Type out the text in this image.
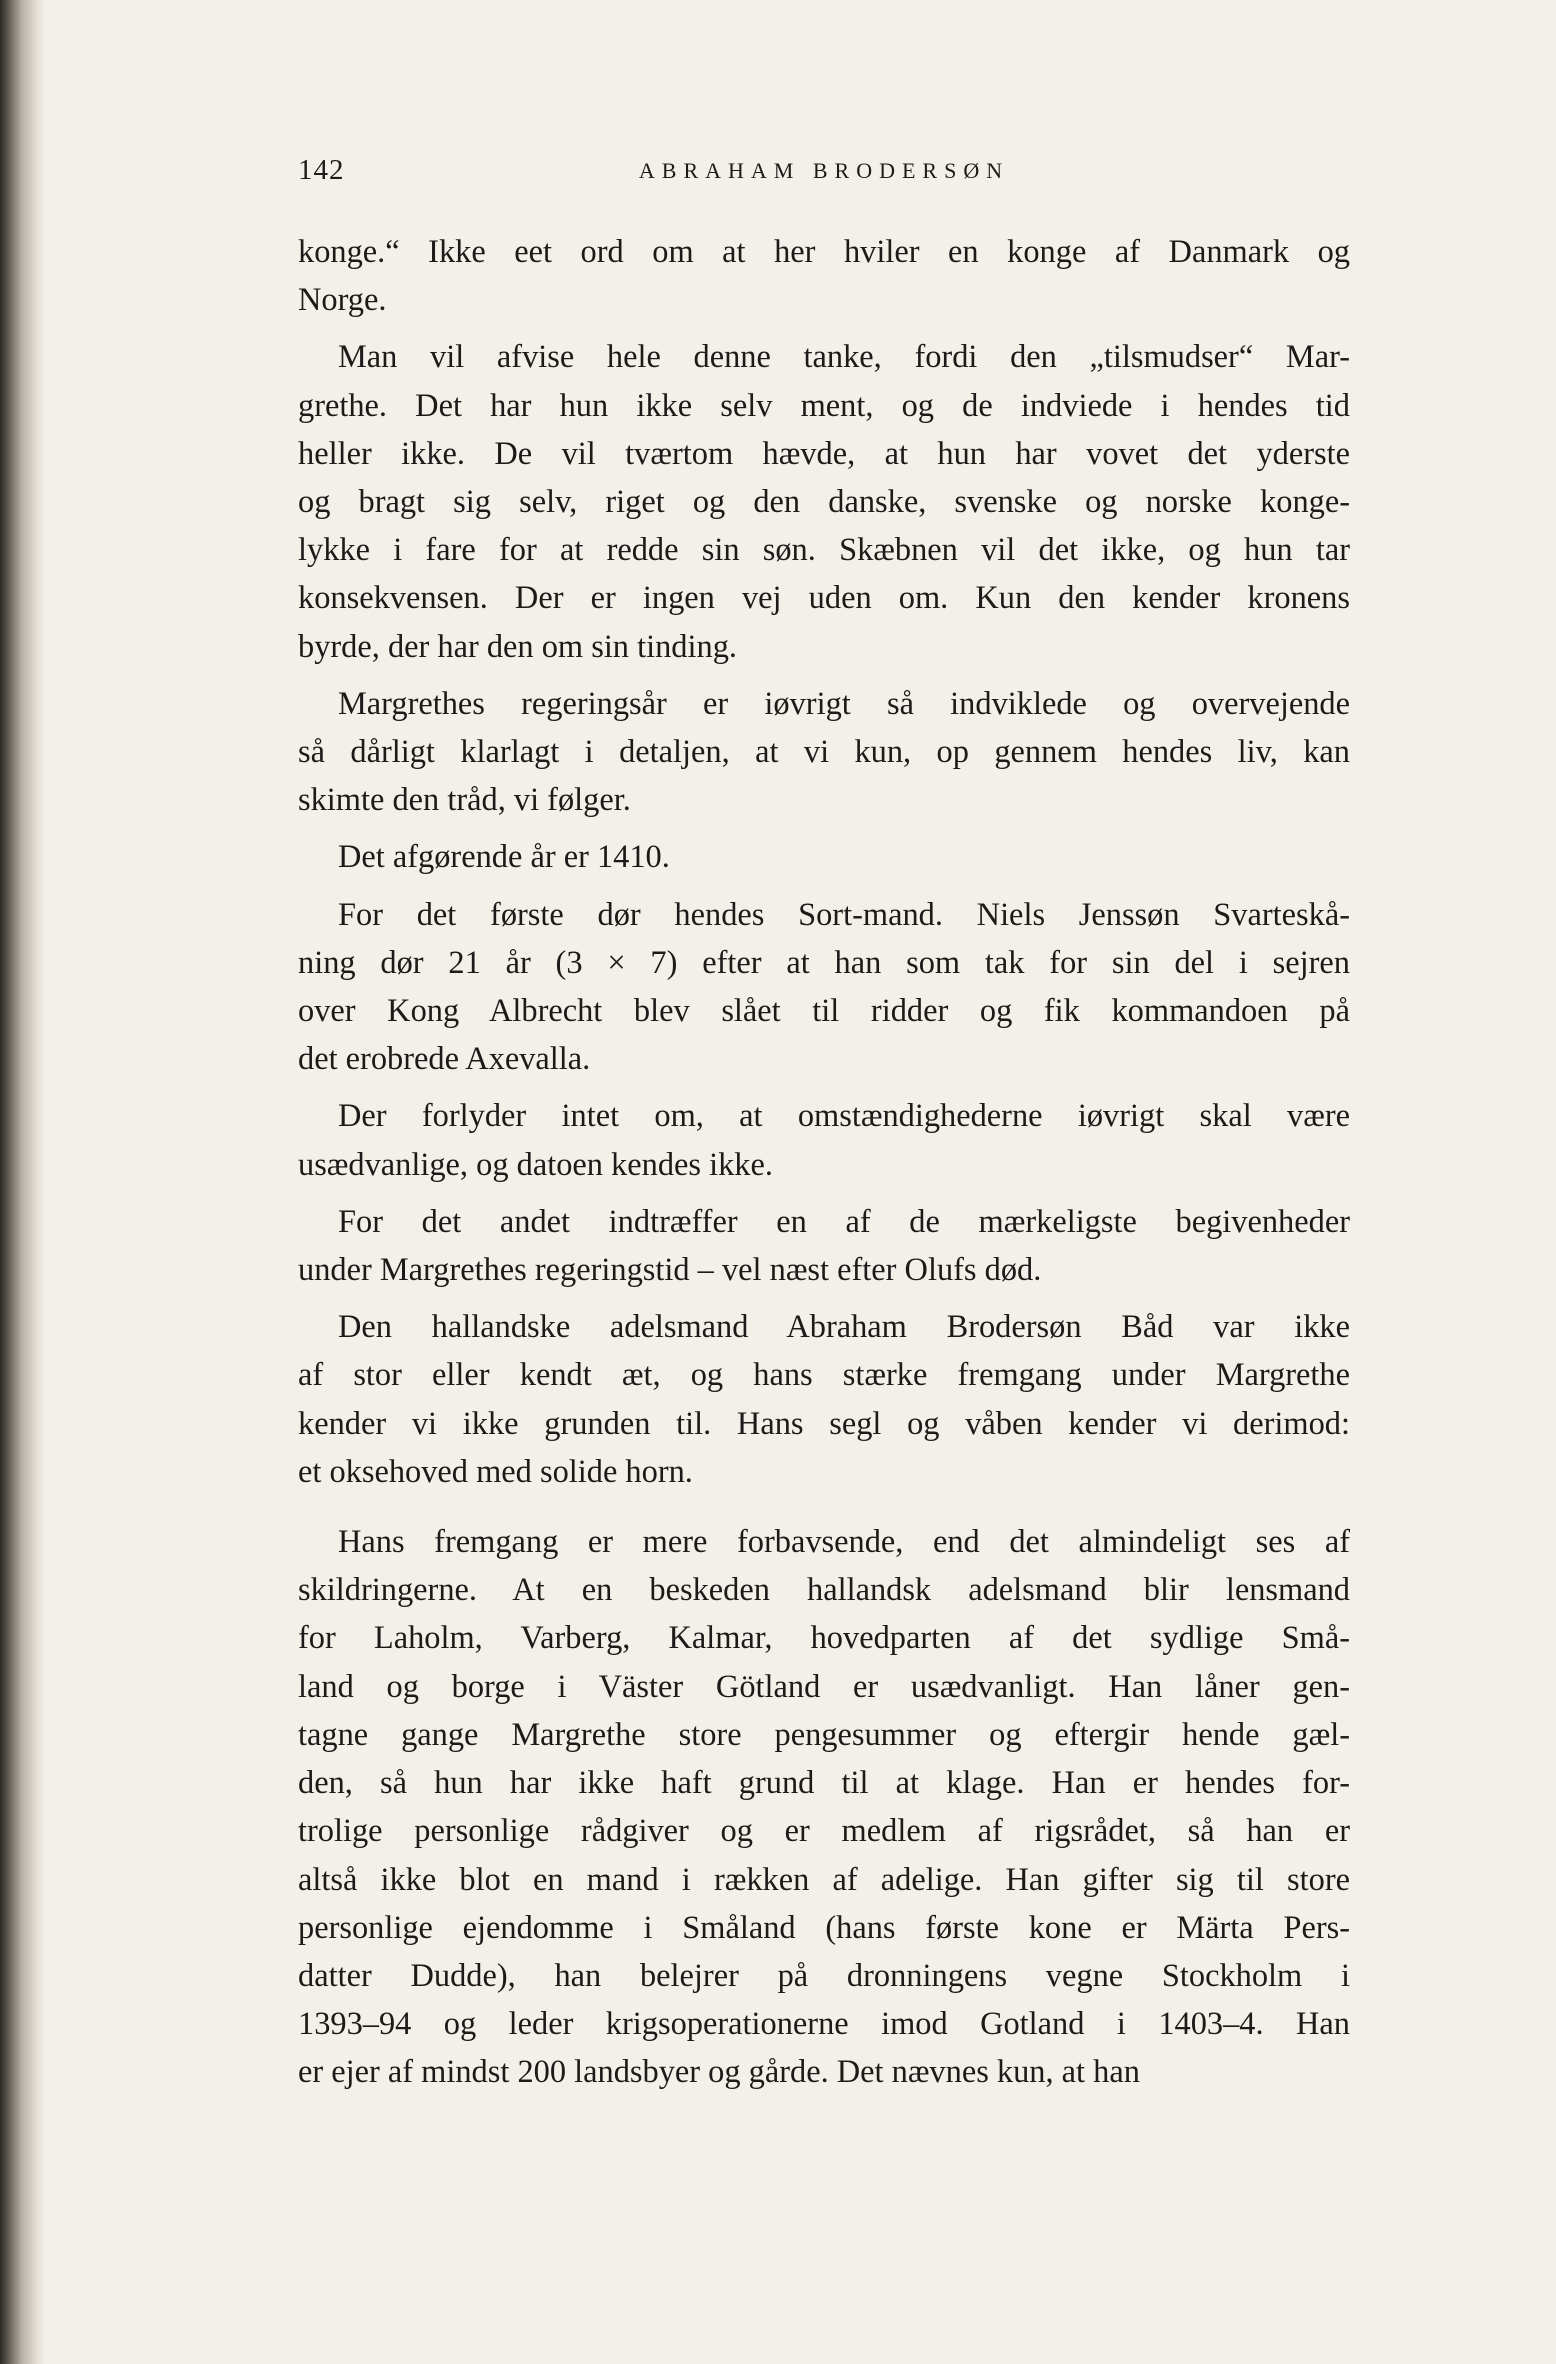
142	ABRAHAM BRODERSØN
konge.“ Ikke eet ord om at her hviler en konge af Danmark og
Norge.
Man vil afvise hele denne tanke, fordi den „tilsmudser“ Mar-
grethe. Det har hun ikke selv ment, og de indviede i hendes tid
heller ikke. De vil tværtom hævde, at hun har vovet det yderste
og bragt sig selv, riget og den danske, svenske og norske konge-
lykke i fare for at redde sin søn. Skæbnen vil det ikke, og hun tar
konsekvensen. Der er ingen vej uden om. Kun den kender kronens
byrde, der har den om sin tinding.
Margrethes regeringsår er iøvrigt så indviklede og overvejende
så dårligt klarlagt i detaljen, at vi kun, op gennem hendes liv, kan
skimte den tråd, vi følger.
Det afgørende år er 1410.
For det første dør hendes Sort-mand. Niels Jenssøn Svarteskå-
ning dør 21 år (3 × 7) efter at han som tak for sin del i sejren
over Kong Albrecht blev slået til ridder og fik kommandoen på
det erobrede Axevalla.
Der forlyder intet om, at omstændighederne iøvrigt skal være
usædvanlige, og datoen kendes ikke.
For det andet indtræffer en af de mærkeligste begivenheder
under Margrethes regeringstid – vel næst efter Olufs død.
Den hallandske adelsmand Abraham Brodersøn Båd var ikke
af stor eller kendt æt, og hans stærke fremgang under Margrethe
kender vi ikke grunden til. Hans segl og våben kender vi derimod:
et oksehoved med solide horn.
Hans fremgang er mere forbavsende, end det almindeligt ses af
skildringerne. At en beskeden hallandsk adelsmand blir lensmand
for Laholm, Varberg, Kalmar, hovedparten af det sydlige Små-
land og borge i Väster Götland er usædvanligt. Han låner gen-
tagne gange Margrethe store pengesummer og eftergir hende gæl-
den, så hun har ikke haft grund til at klage. Han er hendes for-
trolige personlige rådgiver og er medlem af rigsrådet, så han er
altså ikke blot en mand i rækken af adelige. Han gifter sig til store
personlige ejendomme i Småland (hans første kone er Märta Pers-
datter Dudde), han belejrer på dronningens vegne Stockholm i
1393–94 og leder krigsoperationerne imod Gotland i 1403–4. Han
er ejer af mindst 200 landsbyer og gårde. Det nævnes kun, at han
